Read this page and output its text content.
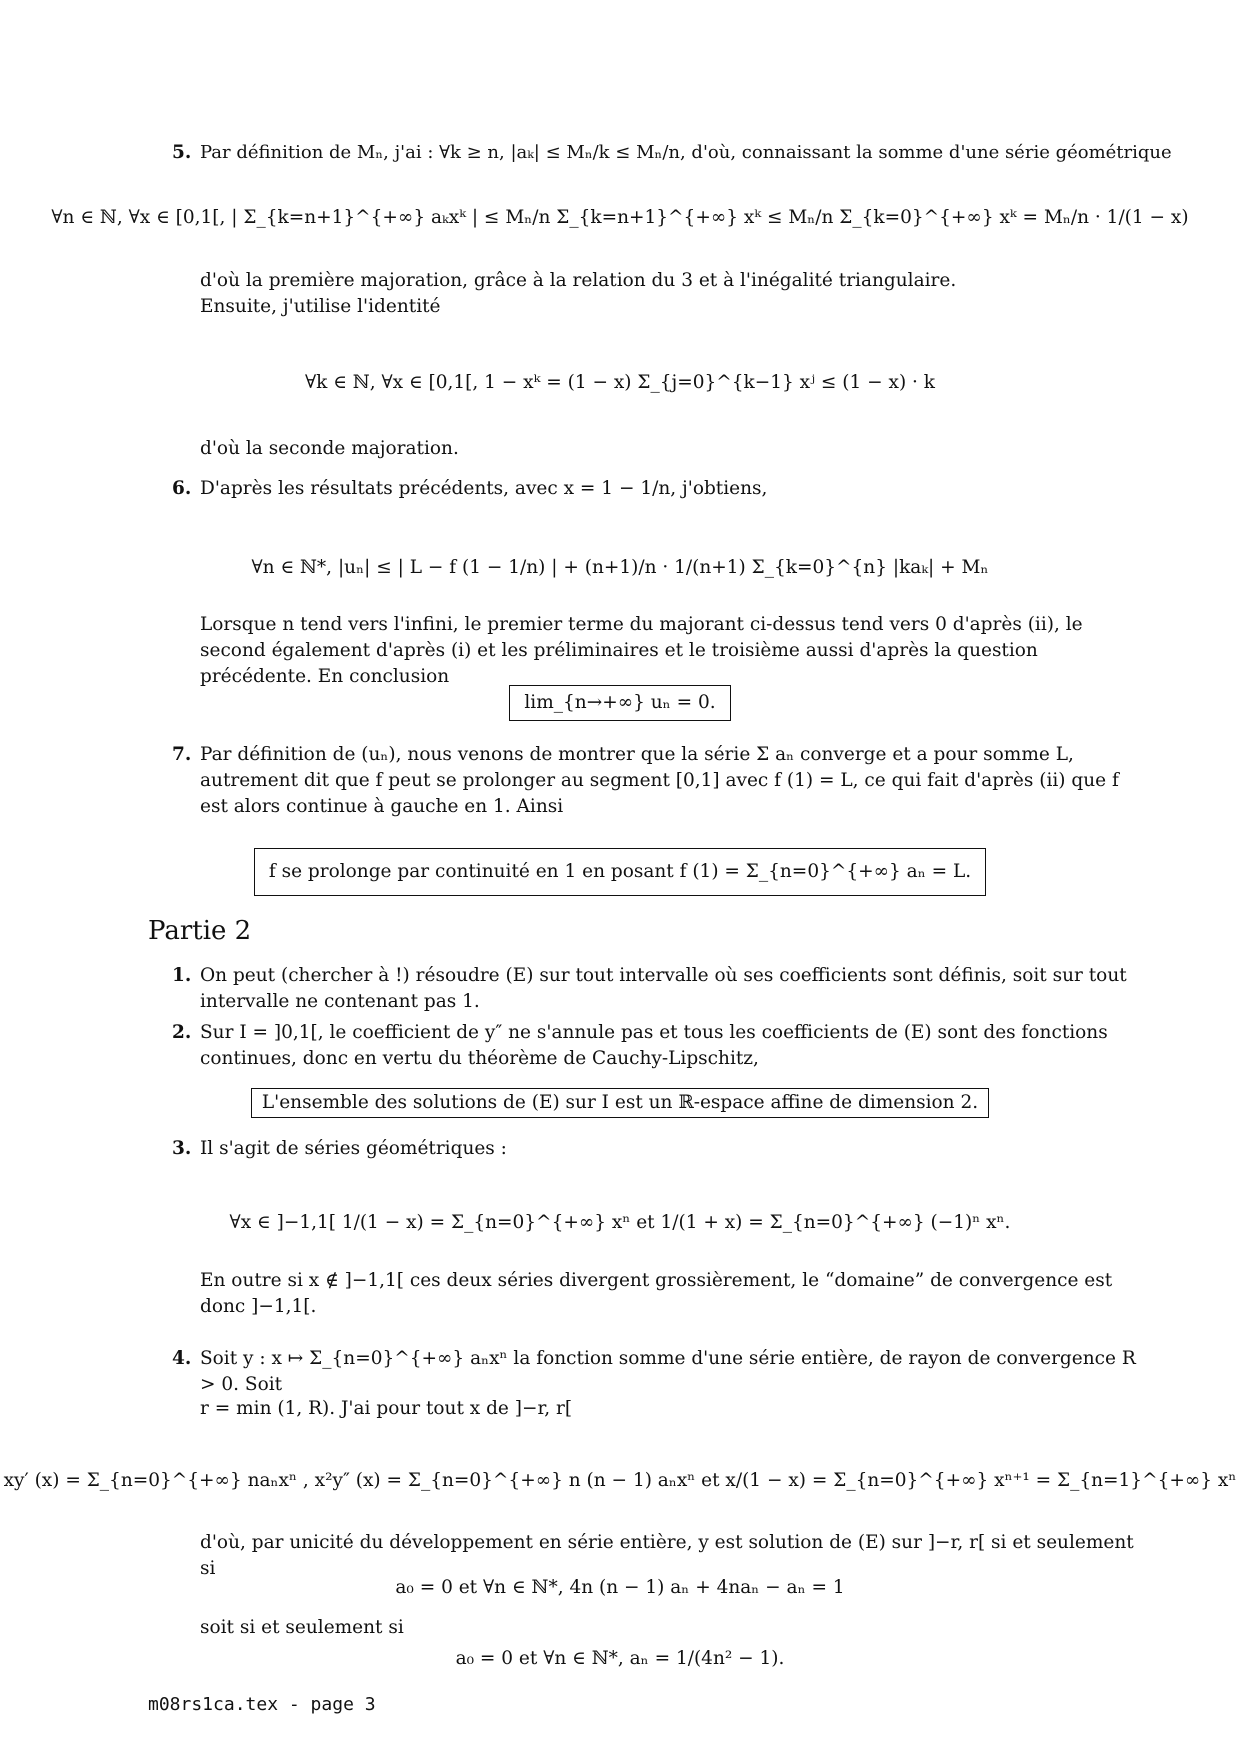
5. Par définition de Mₙ, j'ai : ∀k ≥ n, |aₖ| ≤ Mₙ/k ≤ Mₙ/n, d'où, connaissant la somme d'une série géométrique
∀n ∈ ℕ, ∀x ∈ [0,1[, | Σ_{k=n+1}^{+∞} aₖxᵏ | ≤ Mₙ/n Σ_{k=n+1}^{+∞} xᵏ ≤ Mₙ/n Σ_{k=0}^{+∞} xᵏ = Mₙ/n · 1/(1 − x)
d'où la première majoration, grâce à la relation du 3 et à l'inégalité triangulaire.
Ensuite, j'utilise l'identité
∀k ∈ ℕ, ∀x ∈ [0,1[, 1 − xᵏ = (1 − x) Σ_{j=0}^{k−1} xʲ ≤ (1 − x) · k
d'où la seconde majoration.
6. D'après les résultats précédents, avec x = 1 − 1/n, j'obtiens,
∀n ∈ ℕ*, |uₙ| ≤ | L − f (1 − 1/n) | + (n+1)/n · 1/(n+1) Σ_{k=0}^{n} |kaₖ| + Mₙ
Lorsque n tend vers l'infini, le premier terme du majorant ci-dessus tend vers 0 d'après (ii), le second également d'après (i) et les préliminaires et le troisième aussi d'après la question précédente. En conclusion
lim_{n→+∞} uₙ = 0.
7. Par définition de (uₙ), nous venons de montrer que la série Σ aₙ converge et a pour somme L, autrement dit que f peut se prolonger au segment [0,1] avec f (1) = L, ce qui fait d'après (ii) que f est alors continue à gauche en 1. Ainsi
f se prolonge par continuité en 1 en posant f (1) = Σ_{n=0}^{+∞} aₙ = L.
Partie 2
1. On peut (chercher à !) résoudre (E) sur tout intervalle où ses coefficients sont définis, soit sur tout intervalle ne contenant pas 1.
2. Sur I = ]0,1[, le coefficient de y″ ne s'annule pas et tous les coefficients de (E) sont des fonctions continues, donc en vertu du théorème de Cauchy-Lipschitz,
L'ensemble des solutions de (E) sur I est un ℝ-espace affine de dimension 2.
3. Il s'agit de séries géométriques :
∀x ∈ ]−1,1[ 1/(1 − x) = Σ_{n=0}^{+∞} xⁿ et 1/(1 + x) = Σ_{n=0}^{+∞} (−1)ⁿ xⁿ.
En outre si x ∉ ]−1,1[ ces deux séries divergent grossièrement, le “domaine” de convergence est donc ]−1,1[.
4. Soit y : x ↦ Σ_{n=0}^{+∞} aₙxⁿ la fonction somme d'une série entière, de rayon de convergence R > 0. Soit
r = min (1, R). J'ai pour tout x de ]−r, r[
xy′ (x) = Σ_{n=0}^{+∞} naₙxⁿ , x²y″ (x) = Σ_{n=0}^{+∞} n (n − 1) aₙxⁿ et x/(1 − x) = Σ_{n=0}^{+∞} xⁿ⁺¹ = Σ_{n=1}^{+∞} xⁿ
d'où, par unicité du développement en série entière, y est solution de (E) sur ]−r, r[ si et seulement si
a₀ = 0 et ∀n ∈ ℕ*, 4n (n − 1) aₙ + 4naₙ − aₙ = 1
soit si et seulement si
a₀ = 0 et ∀n ∈ ℕ*, aₙ = 1/(4n² − 1).
m08rs1ca.tex - page 3
